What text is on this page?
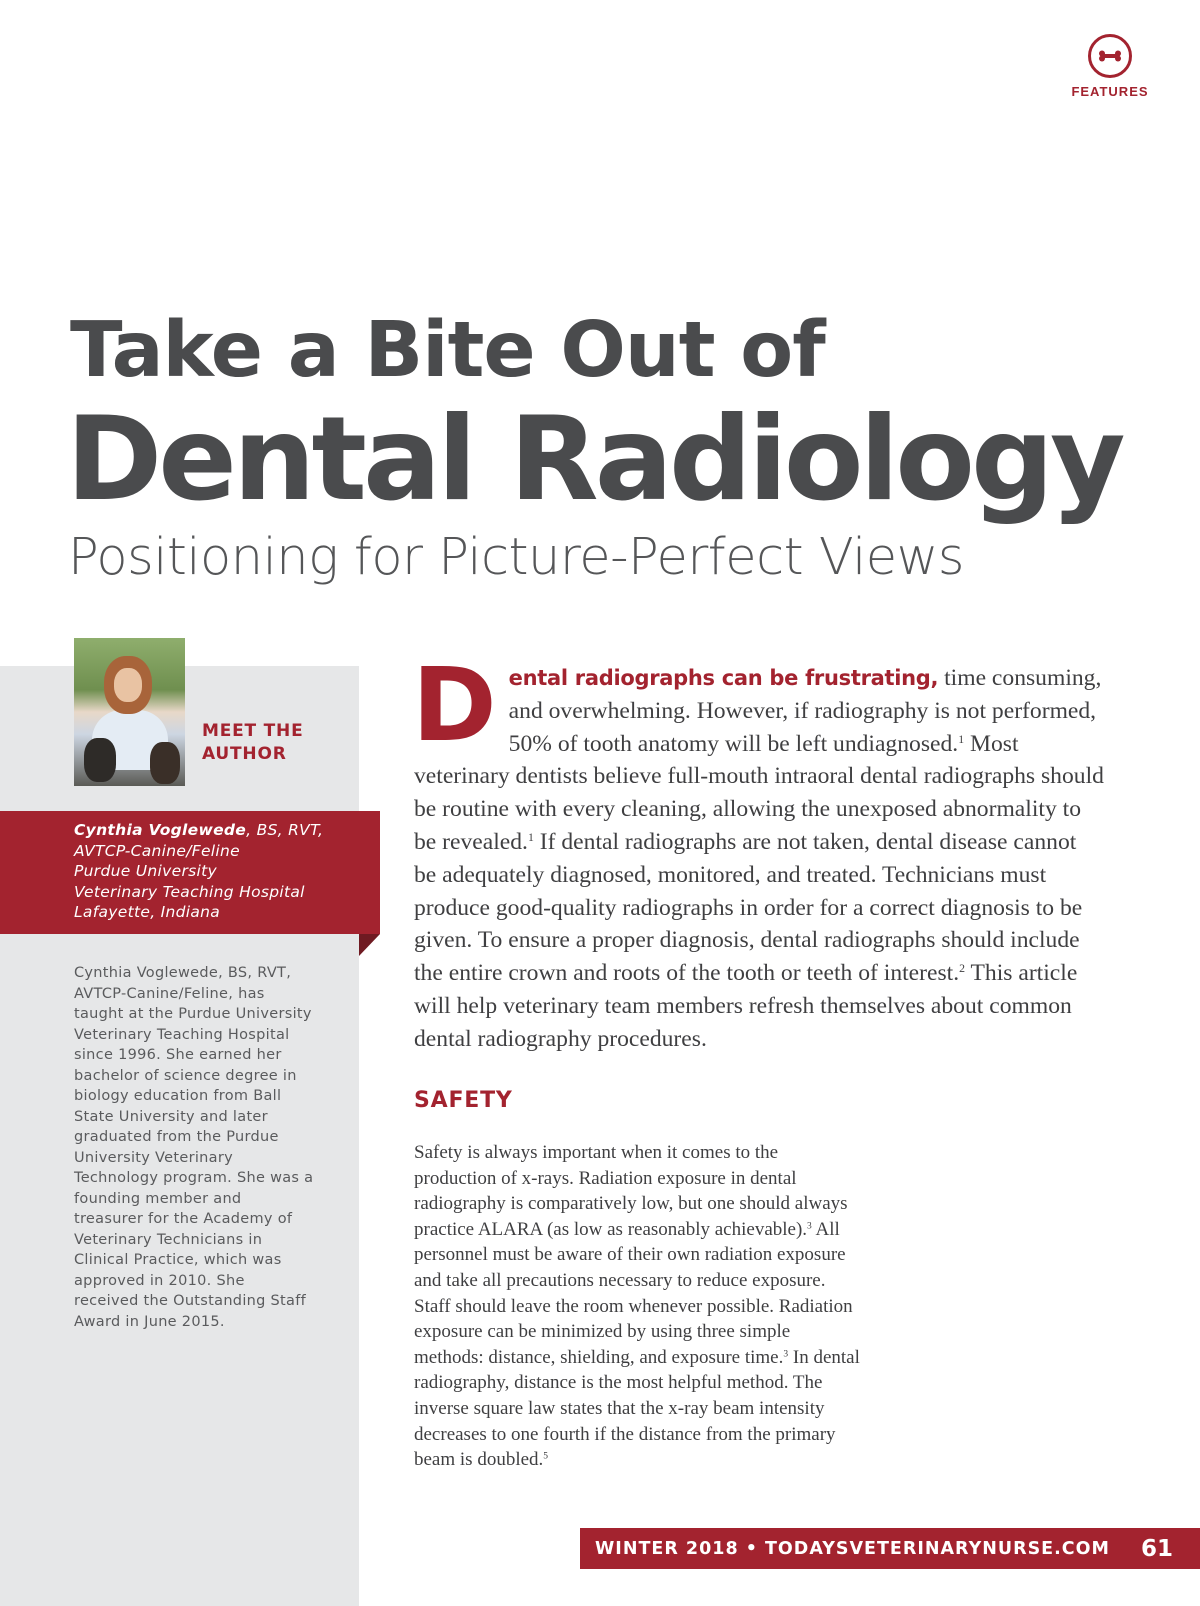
FEATURES
Take a Bite Out of
Dental Radiology
Positioning for Picture-Perfect Views
MEET THE
AUTHOR
Cynthia Voglewede, BS, RVT,
AVTCP-Canine/Feline
Purdue University
Veterinary Teaching Hospital
Lafayette, Indiana

Cynthia Voglewede, BS, RVT, AVTCP-Canine/Feline, has taught at the Purdue University Veterinary Teaching Hospital since 1996. She earned her bachelor of science degree in biology education from Ball State University and later graduated from the Purdue University Veterinary Technology program. She was a founding member and treasurer for the Academy of Veterinary Technicians in Clinical Practice, which was approved in 2010. She received the Outstanding Staff Award in June 2015.

Dental radiographs can be frustrating, time consuming, and overwhelming. However, if radiography is not performed, 50% of tooth anatomy will be left undiagnosed.$^1$ Most veterinary dentists believe full-mouth intraoral dental radiographs should be routine with every cleaning, allowing the unexposed abnormality to be revealed.$^1$ If dental radiographs are not taken, dental disease cannot be adequately diagnosed, monitored, and treated. Technicians must produce good-quality radiographs in order for a correct diagnosis to be given. To ensure a proper diagnosis, dental radiographs should include the entire crown and roots of the tooth or teeth of interest.$^2$ This article will help veterinary team members refresh themselves about common dental radiography procedures.

SAFETY

Safety is always important when it comes to the production of x-rays. Radiation exposure in dental radiography is comparatively low, but one should always practice ALARA (as low as reasonably achievable).$^3$ All personnel must be aware of their own radiation exposure and take all precautions necessary to reduce exposure. Staff should leave the room whenever possible. Radiation exposure can be minimized by using three simple methods: distance, shielding, and exposure time.$^3$ In dental radiography, distance is the most helpful method. The inverse square law states that the x-ray beam intensity decreases to one fourth if the distance from the primary beam is doubled.$^5$

WINTER 2018 • TODAYSVETERINARYNURSE.COM 61
